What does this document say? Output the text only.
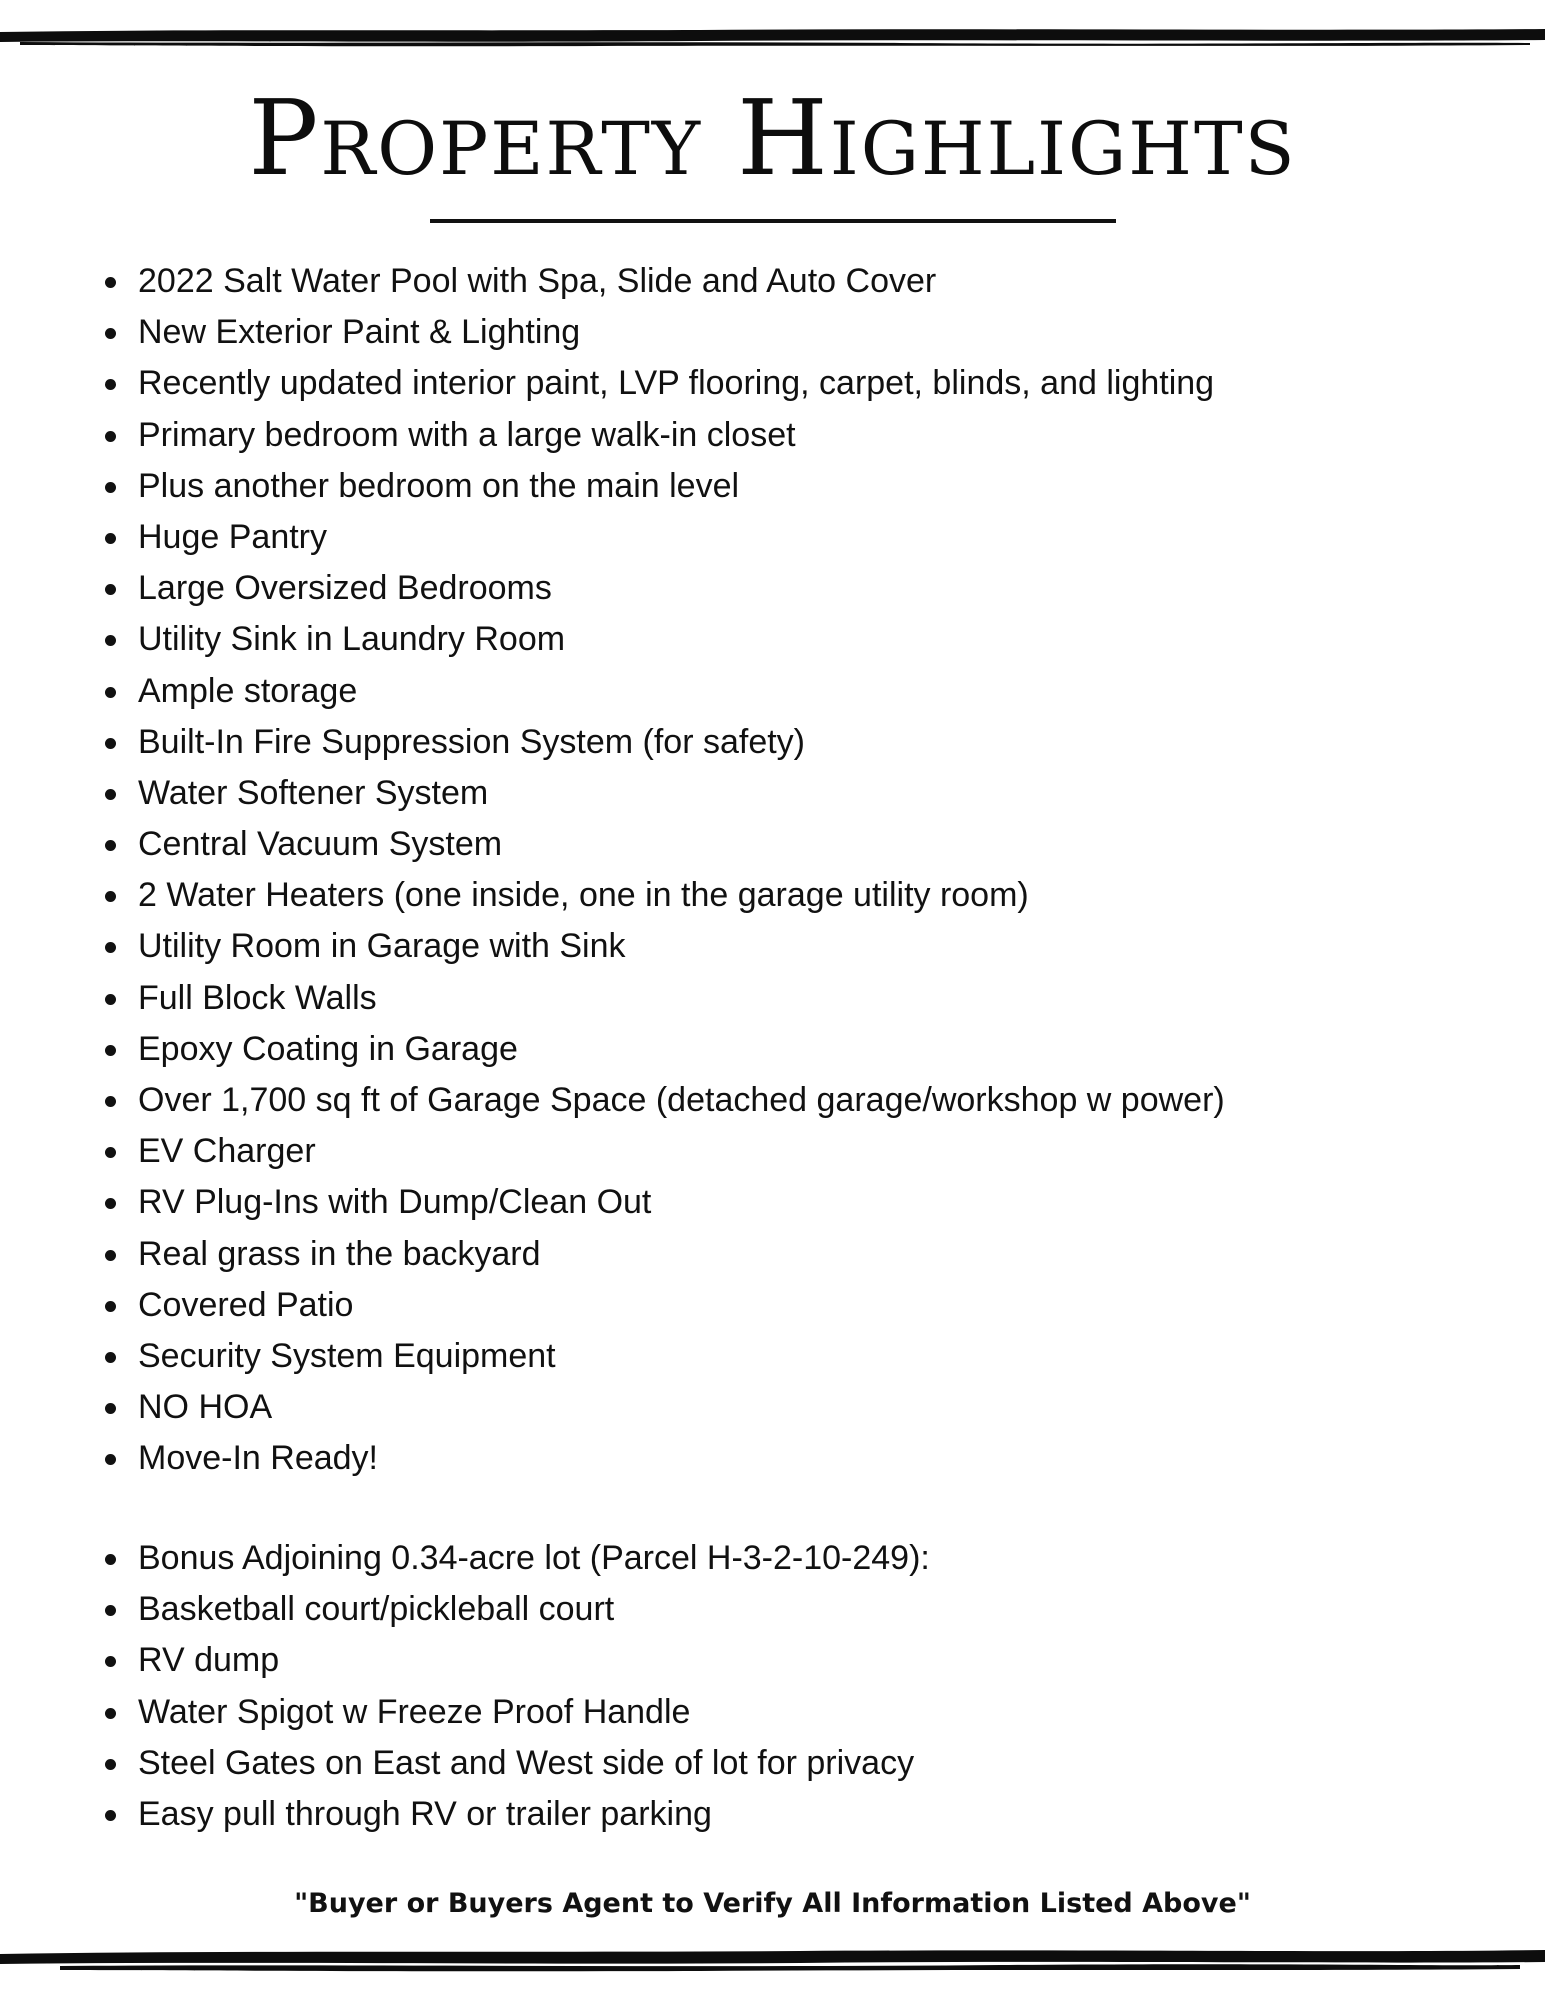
Property Highlights
2022 Salt Water Pool with Spa, Slide and Auto Cover
New Exterior Paint & Lighting
Recently updated interior paint, LVP flooring, carpet, blinds, and lighting
Primary bedroom with a large walk-in closet
Plus another bedroom on the main level
Huge Pantry
Large Oversized Bedrooms
Utility Sink in Laundry Room
Ample storage
Built-In Fire Suppression System (for safety)
Water Softener System
Central Vacuum System
2 Water Heaters (one inside, one in the garage utility room)
Utility Room in Garage with Sink
Full Block Walls
Epoxy Coating in Garage
Over 1,700 sq ft of Garage Space (detached garage/workshop w power)
EV Charger
RV Plug-Ins with Dump/Clean Out
Real grass in the backyard
Covered Patio
Security System Equipment
NO HOA
Move-In Ready!
Bonus Adjoining 0.34-acre lot (Parcel H-3-2-10-249):
Basketball court/pickleball court
RV dump
Water Spigot w Freeze Proof Handle
Steel Gates on East and West side of lot for privacy
Easy pull through RV or trailer parking
"Buyer or Buyers Agent to Verify All Information Listed Above"
